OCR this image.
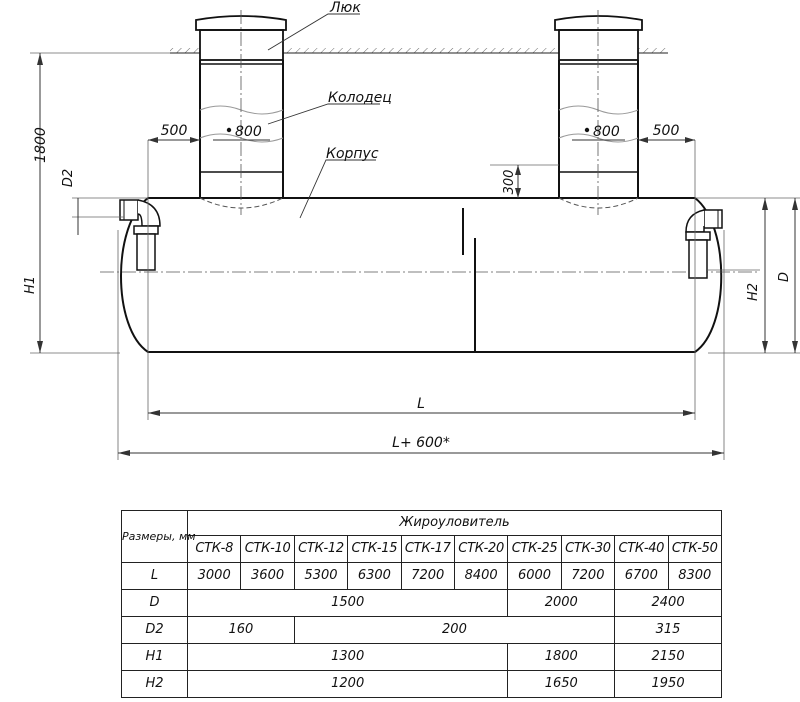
Люк
Колодец
Корпус
1800	500	500
800	800
300
D2
H1	H2
D
L
L+ 600*
Размеры, мм	Жироуловитель									
	СТК-8	СТК-10	СТК-12	СТК-15	СТК-17	СТК-20	СТК-25	СТК-30	СТК-40	СТК-50
L	3000	3600	5300	6300	7200	8400	6000	7200	6700	8300
D	1500						2000		2400	
D2	160		200						315	
H1	1300						1800		2150	
H2	1200						1650		1950	
